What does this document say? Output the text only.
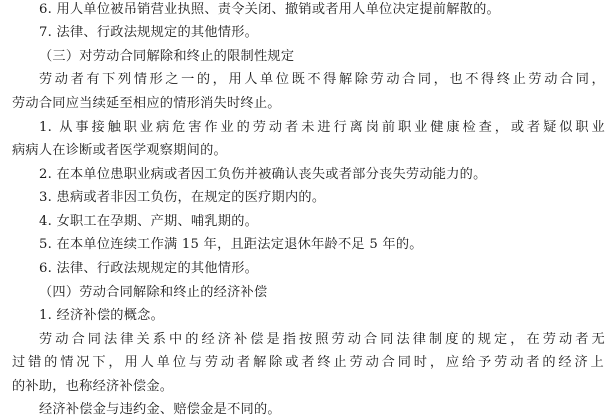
6. 用人单位被吊销营业执照、责令关闭、撤销或者用人单位决定提前解散的。
7. 法律、行政法规规定的其他情形。
（三）对劳动合同解除和终止的限制性规定
劳动者有下列情形之一的，用人单位既不得解除劳动合同，也不得终止劳动合同，
劳动合同应当续延至相应的情形消失时终止。
1. 从事接触职业病危害作业的劳动者未进行离岗前职业健康检查，或者疑似职业
病病人在诊断或者医学观察期间的。
2. 在本单位患职业病或者因工负伤并被确认丧失或者部分丧失劳动能力的。
3. 患病或者非因工负伤，在规定的医疗期内的。
4. 女职工在孕期、产期、哺乳期的。
5. 在本单位连续工作满 15 年，且距法定退休年龄不足 5 年的。
6. 法律、行政法规规定的其他情形。
（四）劳动合同解除和终止的经济补偿
1. 经济补偿的概念。
劳动合同法律关系中的经济补偿是指按照劳动合同法律制度的规定，在劳动者无
过错的情况下，用人单位与劳动者解除或者终止劳动合同时，应给予劳动者的经济上
的补助，也称经济补偿金。
经济补偿金与违约金、赔偿金是不同的。
